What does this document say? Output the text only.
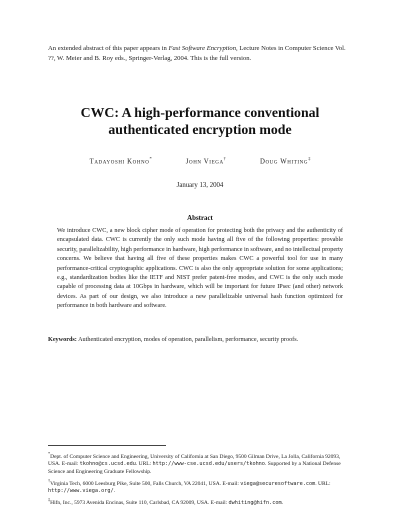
An extended abstract of this paper appears in Fast Software Encryption, Lecture Notes in Computer Science Vol. ??, W. Meier and B. Roy eds., Springer-Verlag, 2004. This is the full version.
CWC: A high-performance conventional authenticated encryption mode
Tadayoshi Kohno*	John Viega†	Doug Whiting‡
January 13, 2004
Abstract
We introduce CWC, a new block cipher mode of operation for protecting both the privacy and the authenticity of encapsulated data. CWC is currently the only such mode having all five of the following properties: provable security, parallelizability, high performance in hardware, high performance in software, and no intellectual property concerns. We believe that having all five of these properties makes CWC a powerful tool for use in many performance-critical cryptographic applications. CWC is also the only appropriate solution for some applications; e.g., standardization bodies like the IETF and NIST prefer patent-free modes, and CWC is the only such mode capable of processing data at 10Gbps in hardware, which will be important for future IPsec (and other) network devices. As part of our design, we also introduce a new parallelizable universal hash function optimized for performance in both hardware and software.
Keywords: Authenticated encryption, modes of operation, parallelism, performance, security proofs.

*Dept. of Computer Science and Engineering, University of California at San Diego, 9500 Gilman Drive, La Jolla, California 92093, USA. E-mail: tkohno@cs.ucsd.edu. URL: http://www-cse.ucsd.edu/users/tkohno. Supported by a National Defense Science and Engineering Graduate Fellowship.

†Virginia Tech, 6000 Leesburg Pike, Suite 500, Falls Church, VA 22041, USA. E-mail: viega@securesoftware.com. URL: http://www.viega.org/.

‡Hifn, Inc., 5973 Avenida Encinas, Suite 110, Carlsbad, CA 92009, USA. E-mail: dwhiting@hifn.com.
